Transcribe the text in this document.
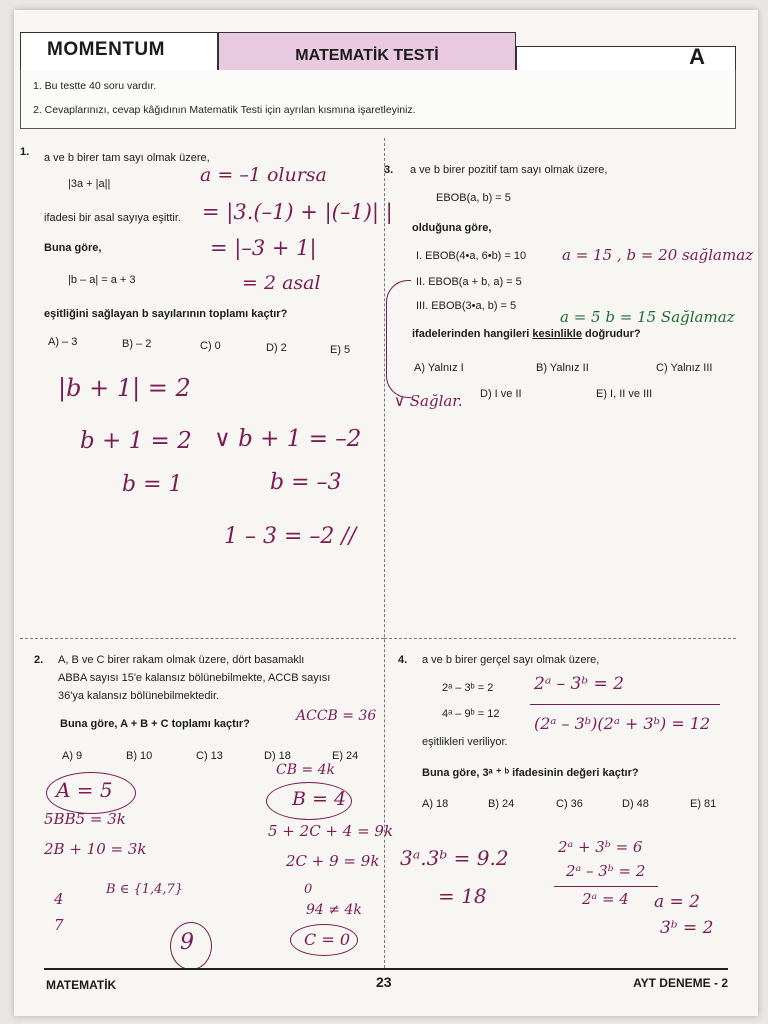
MOMENTUM	MATEMATİK TESTİ	A
1. Bu testte 40 soru vardır.
2. Cevaplarınızı, cevap kâğıdının Matematik Testi için ayrılan kısmına işaretleyiniz.
1. a ve b birer tam sayı olmak üzere,
|3a + |a||
ifadesi bir asal sayıya eşittir.
Buna göre,
|b – a| = a + 3
eşitliğini sağlayan b sayılarının toplamı kaçtır?
A) – 3	B) – 2	C) 0	D) 2	E) 5
a = –1 olursa
= |3.(–1) + |(–1)| |
= |–3 + 1|
= 2 asal
|b + 1| = 2
b + 1 = 2 ∨ b + 1 = –2
b = 1	b = –3
1 – 3 = –2 //
2. A, B ve C birer rakam olmak üzere, dört basamaklı
ABBA sayısı 15'e kalansız bölünebilmekte, ACCB sayısı
36'ya kalansız bölünebilmektedir.
Buna göre, A + B + C toplamı kaçtır?
A) 9	B) 10	C) 13	D) 18	E) 24
ACCB = 36
CB = 4k
B = 4
A = 5
5BB5 = 3k
2B + 10 = 3k
B ∈ {1,4,7}
4
7
5 + 2C + 4 = 9k
2C + 9 = 9k
0
94 ≠ 4k
C = 0
9
3. a ve b birer pozitif tam sayı olmak üzere,
EBOB(a, b) = 5
olduğuna göre,
I. EBOB(4•a, 6•b) = 10
II. EBOB(a + b, a) = 5
III. EBOB(3•a, b) = 5
ifadelerinden hangileri kesinlikle doğrudur?
A) Yalnız I	B) Yalnız II	C) Yalnız III
D) I ve II	E) I, II ve III
a = 15 , b = 20 sağlamaz
a = 5 b = 15 Sağlamaz
∨ Sağlar.
4. a ve b birer gerçel sayı olmak üzere,
2ᵃ – 3ᵇ = 2
4ᵃ – 9ᵇ = 12
eşitlikleri veriliyor.
Buna göre, 3ᵃ ⁺ ᵇ ifadesinin değeri kaçtır?
A) 18	B) 24	C) 36	D) 48	E) 81
2ᵃ – 3ᵇ = 2
(2ᵃ – 3ᵇ)(2ᵃ + 3ᵇ) = 12
3ᵃ.3ᵇ = 9.2
= 18
2ᵃ + 3ᵇ = 6
2ᵃ – 3ᵇ = 2
2ᵃ = 4 a = 2
3ᵇ = 2
MATEMATİK	23	AYT DENEME - 2
